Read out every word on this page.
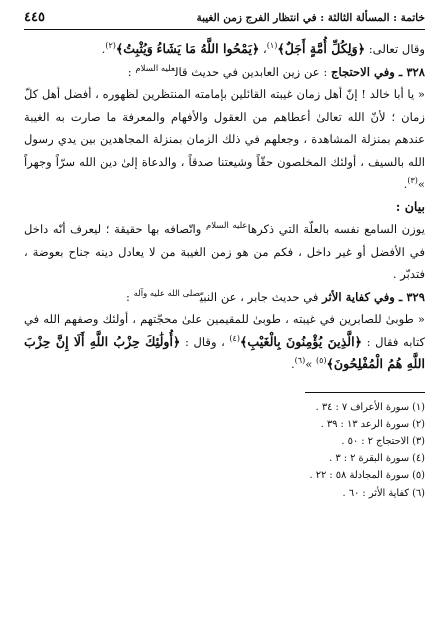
خاتمة : المسألة الثالثة : في انتظار الفرج زمن الغيبة
٤٤٥

وقال تعالى: ﴿وَلِكُلِّ أُمَّةٍ أَجَلٌ﴾$^{(١)}$، ﴿يَمْحُوا اللَّهُ مَا يَشَاءُ وَيُثْبِتُ﴾$^{(٢)}$.

٣٢٨ ـ وفي الاحتجاج : عن زين العابدين في حديث قال$^{عليه السلام}$ :

« يا أبا خالد ! إنّ أهل زمان غيبته القائلين بإمامته المنتظرين لظهوره ، أفضل أهل كلّ زمان ؛ لأنّ الله تعالىٰ أعطاهم من العقول والأفهام والمعرفة ما صارت به الغيبة عندهم بمنزلة المشاهدة ، وجعلهم في ذلك الزمان بمنزلة المجاهدين بين يدي رسول الله بالسيف ، أولئك المخلصون حقّاً وشيعتنا صدقاً ، والدعاة إلىٰ دين الله سرّاً وجهراً »$^{(٣)}$.

بيان :

يوزن السامع نفسه بالعلّة التي ذكرها$^{عليه السلام}$ واتّصافه بها حقيقة ؛ ليعرف أنّه داخل في الأفضل أو غير داخل ، فكم من هو زمن الغيبة من لا يعادل دينه جناح بعوضة ، فتدبّر .

٣٢٩ ـ وفي كفاية الأثر في حديث جابر ، عن النبيّ$^{صلى الله عليه وآله}$ :

« طوبىٰ للصابرين في غيبته ، طوبىٰ للمقيمين علىٰ محجّتهم ، أولئك وصفهم الله في كتابه فقال : ﴿الَّذِينَ يُؤْمِنُونَ بِالْغَيْبِ﴾$^{(٤)}$ ، وقال : ﴿أُولَٰئِكَ حِزْبُ اللَّهِ أَلَا إِنَّ حِزْبَ اللَّهِ هُمُ الْمُفْلِحُونَ﴾$^{(٥)}$ »$^{(٦)}$.

(١) سورة الأعراف ٧ : ٣٤ .
(٢) سورة الرعد ١٣ : ٣٩ .
(٣) الاحتجاج ٢ : ٥٠ .
(٤) سورة البقرة ٢ : ٣ .
(٥) سورة المجادلة ٥٨ : ٢٢ .
(٦) كفاية الأثر : ٦٠ .
